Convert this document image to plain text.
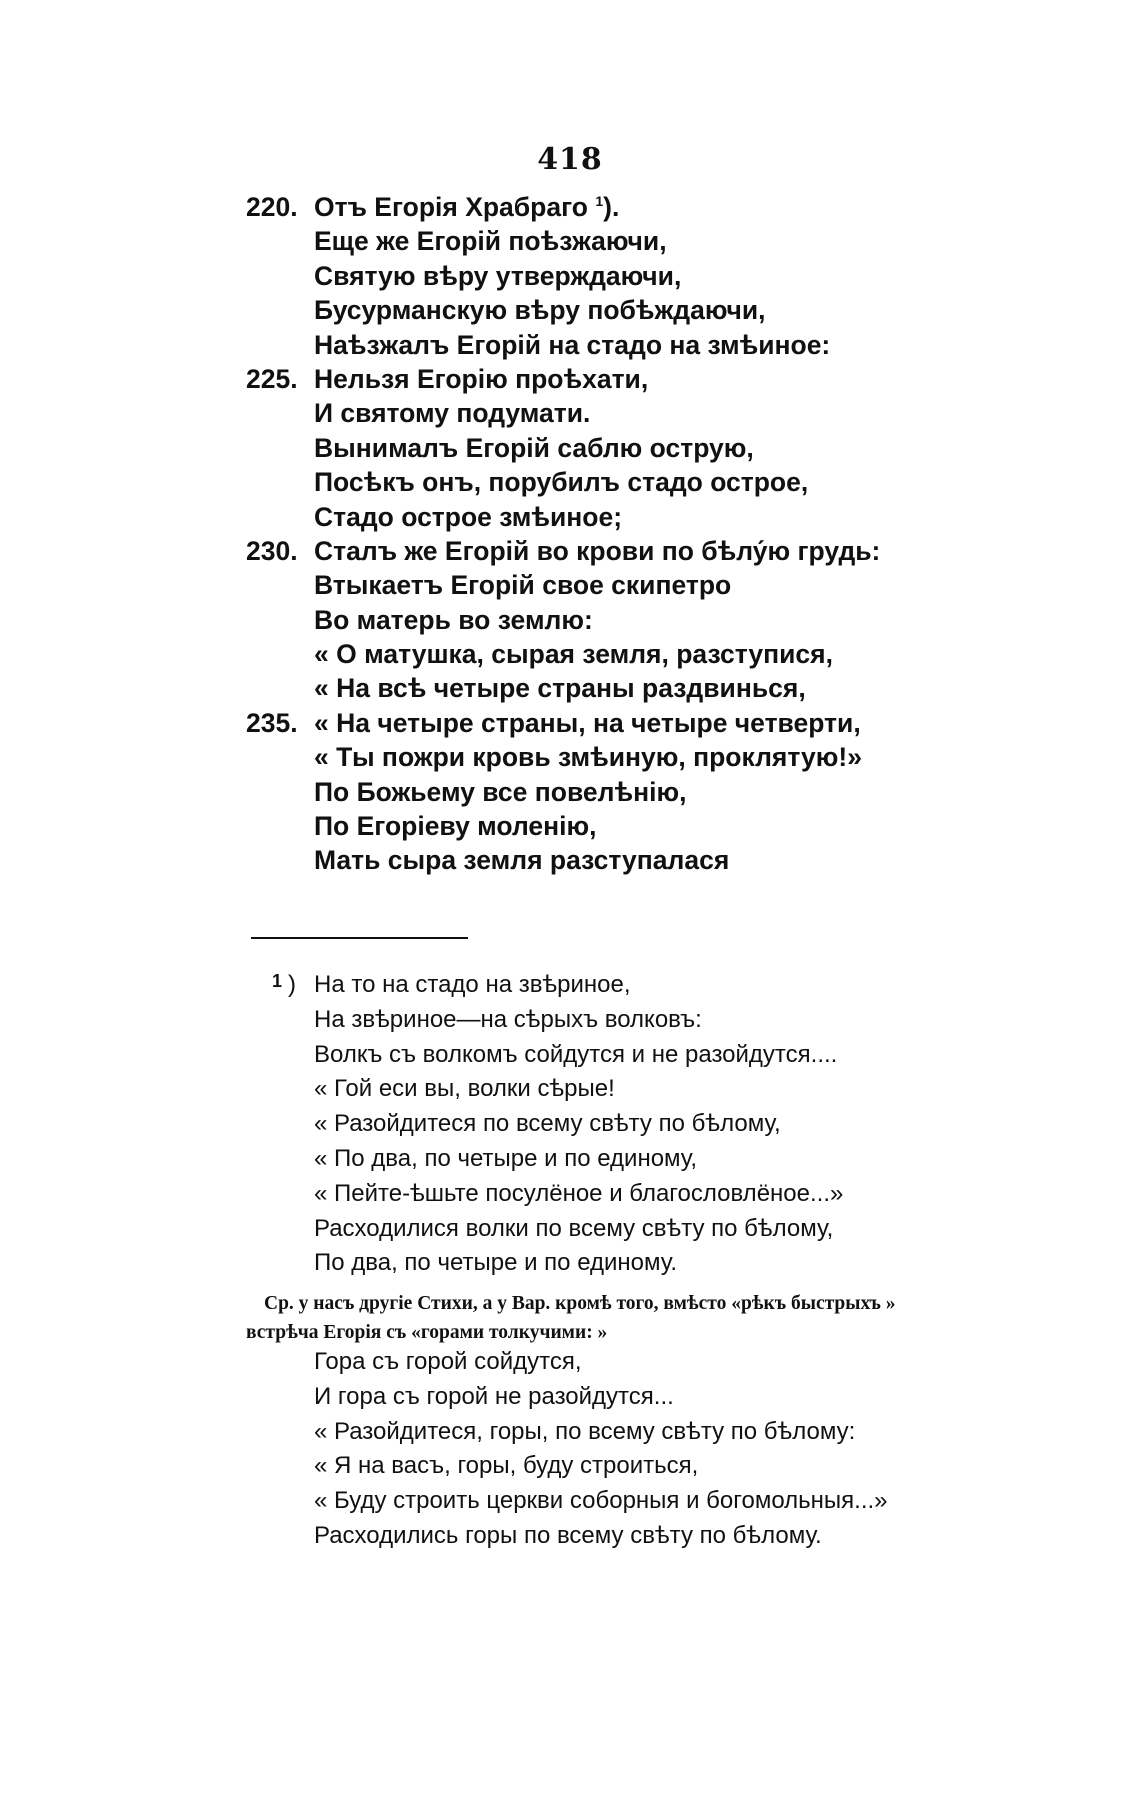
418
220. Отъ Егорія Храбраго $^1$).
Еще же Егорій поѣзжаючи,
Святую вѣру утверждаючи,
Бусурманскую вѣру побѣждаючи,
Наѣзжалъ Егорій на стадо на змѣиное:
225. Нельзя Егорію проѣхати,
И святому подумати.
Вынималъ Егорій саблю острую,
Посѣкъ онъ, порубилъ стадо острое,
Стадо острое змѣиное;
230. Сталъ же Егорій во крови по бѣлу́ю грудь:
Втыкаетъ Егорій свое скипетро
Во матерь во землю:
« О матушка, сырая земля, разступися,
« На всѣ четыре страны раздвинься,
235. « На четыре страны, на четыре четверти,
« Ты пожри кровь змѣиную, проклятую!»
По Божьему все повелѣнію,
По Егоріеву моленію,
Мать сыра земля разступалася
1 ) На то на стадо на звѣриное,
На звѣриное—на сѣрыхъ волковъ:
Волкъ съ волкомъ сойдутся и не разойдутся....
« Гой еси вы, волки сѣрые!
« Разойдитеся по всему свѣту по бѣлому,
« По два, по четыре и по единому,
« Пейте-ѣшьте посулёное и благословлёное...»
Расходилися волки по всему свѣту по бѣлому,
По два, по четыре и по единому.
Ср. у насъ другіе Стихи, а у Вар. кромѣ того, вмѣсто «рѣкъ быстрыхъ »
встрѣча Егорія съ «горами толкучими: »
Гора съ горой сойдутся,
И гора съ горой не разойдутся...
« Разойдитеся, горы, по всему свѣту по бѣлому:
« Я на васъ, горы, буду строиться,
« Буду строить церкви соборныя и богомольныя...»
Расходились горы по всему свѣту по бѣлому.
